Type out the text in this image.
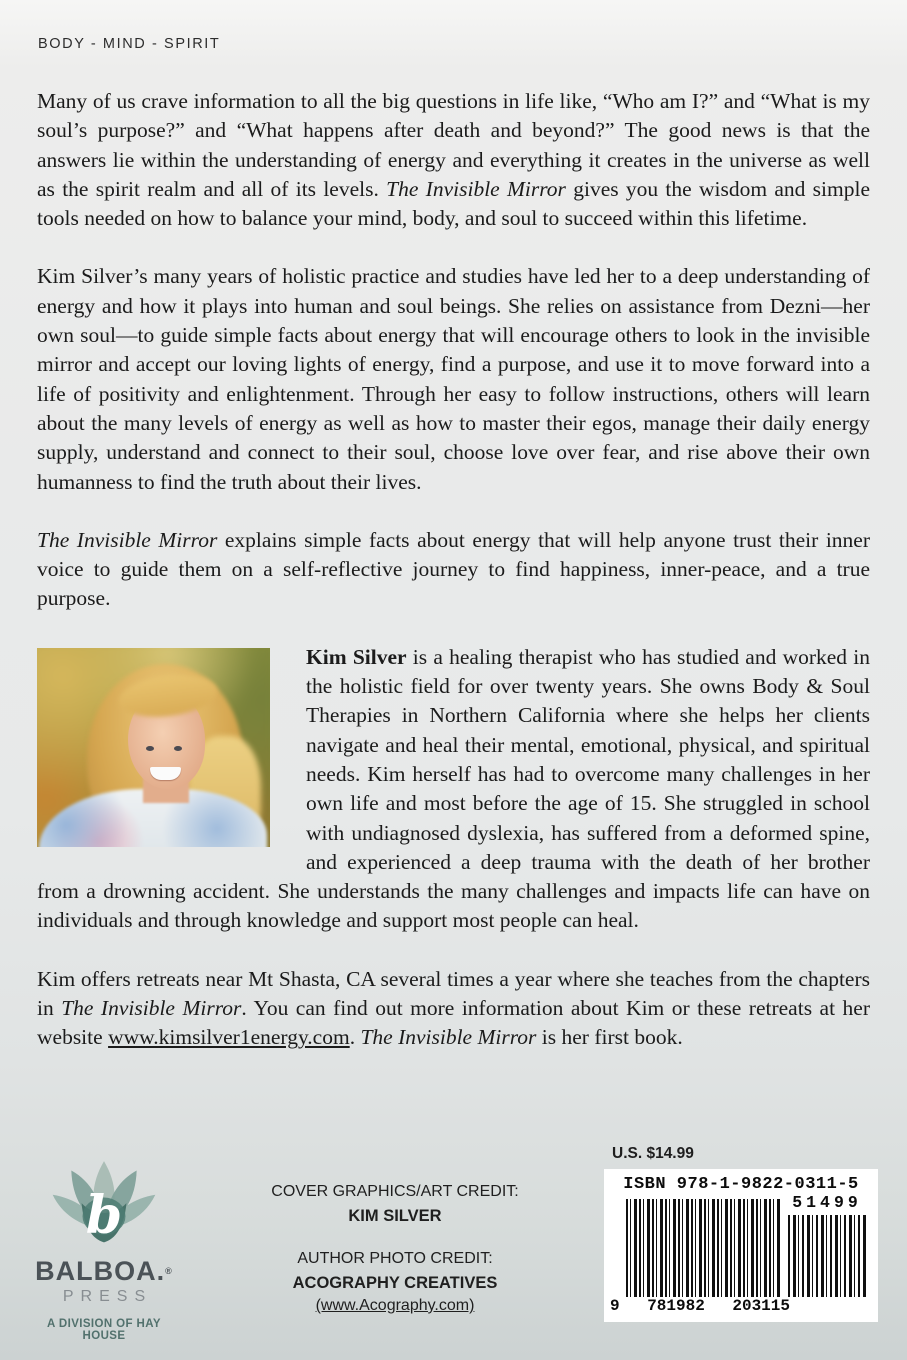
BODY - MIND - SPIRIT

Many of us crave information to all the big questions in life like, “Who am I?” and “What is my soul’s purpose?” and “What happens after death and beyond?” The good news is that the answers lie within the understanding of energy and everything it creates in the universe as well as the spirit realm and all of its levels. The Invisible Mirror gives you the wisdom and simple tools needed on how to balance your mind, body, and soul to succeed within this lifetime.

Kim Silver’s many years of holistic practice and studies have led her to a deep understanding of energy and how it plays into human and soul beings. She relies on assistance from Dezni—her own soul—to guide simple facts about energy that will encourage others to look in the invisible mirror and accept our loving lights of energy, find a purpose, and use it to move forward into a life of positivity and enlightenment. Through her easy to follow instructions, others will learn about the many levels of energy as well as how to master their egos, manage their daily energy supply, understand and connect to their soul, choose love over fear, and rise above their own humanness to find the truth about their lives.

The Invisible Mirror explains simple facts about energy that will help anyone trust their inner voice to guide them on a self-reflective journey to find happiness, inner-peace, and a true purpose.

Kim Silver is a healing therapist who has studied and worked in the holistic field for over twenty years. She owns Body & Soul Therapies in Northern California where she helps her clients navigate and heal their mental, emotional, physical, and spiritual needs. Kim herself has had to overcome many challenges in her own life and most before the age of 15. She struggled in school with undiagnosed dyslexia, has suffered from a deformed spine, and experienced a deep trauma with the death of her brother from a drowning accident. She understands the many challenges and impacts life can have on individuals and through knowledge and support most people can heal.

Kim offers retreats near Mt Shasta, CA several times a year where she teaches from the chapters in The Invisible Mirror. You can find out more information about Kim or these retreats at her website www.kimsilver1energy.com. The Invisible Mirror is her first book.

b
BALBOA.®
PRESS
A DIVISION OF HAY HOUSE
COVER GRAPHICS/ART CREDIT:
KIM SILVER
AUTHOR PHOTO CREDIT:
ACOGRAPHY CREATIVES
(www.Acography.com)
U.S. $14.99
ISBN 978-1-9822-0311-5
9 781982 203115
51499
